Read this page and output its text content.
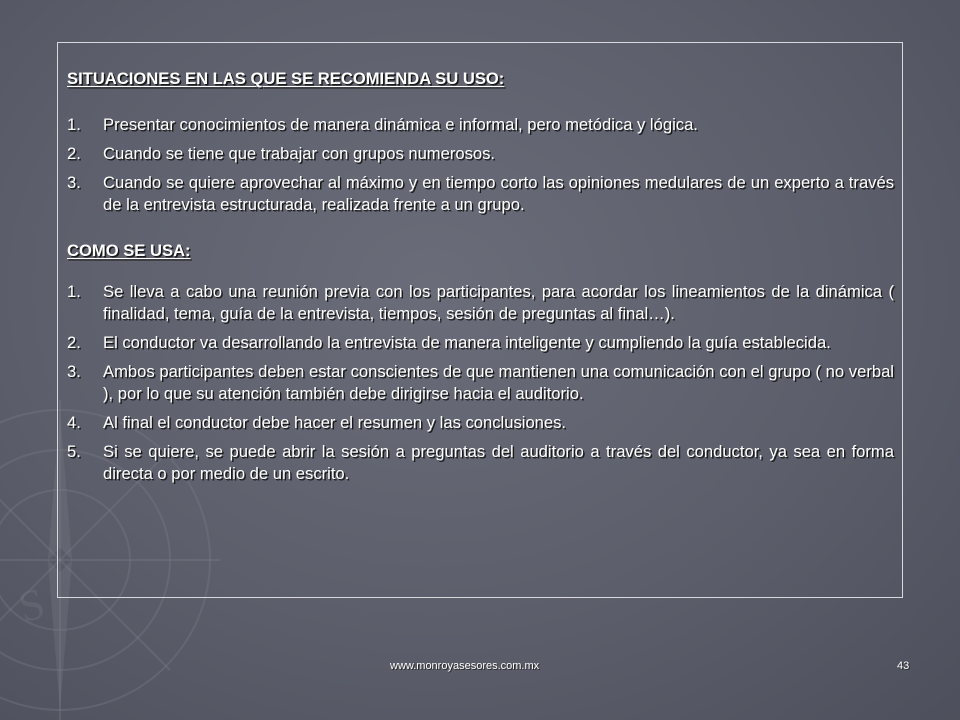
S

SITUACIONES EN LAS QUE SE RECOMIENDA SU USO:

1. Presentar conocimientos de manera dinámica e informal, pero metódica y lógica.
2. Cuando se tiene que trabajar con grupos numerosos.
3. Cuando se quiere aprovechar al máximo y en tiempo corto las opiniones medulares de un experto a través de la entrevista estructurada, realizada frente a un grupo.

COMO SE USA:

1. Se lleva a cabo una reunión previa con los participantes, para acordar los lineamientos de la dinámica ( finalidad, tema, guía de la entrevista, tiempos, sesión de preguntas al final…).
2. El conductor va desarrollando la entrevista de manera inteligente y cumpliendo la guía establecida.
3. Ambos participantes deben estar conscientes de que mantienen una comunicación con el grupo ( no verbal ), por lo que su atención también debe dirigirse hacia el auditorio.
4. Al final el conductor debe hacer el resumen y las conclusiones.
5. Si se quiere, se puede abrir la sesión a preguntas del auditorio a través del conductor, ya sea en forma directa o por medio de un escrito.
www.monroyasesores.com.mx	43
